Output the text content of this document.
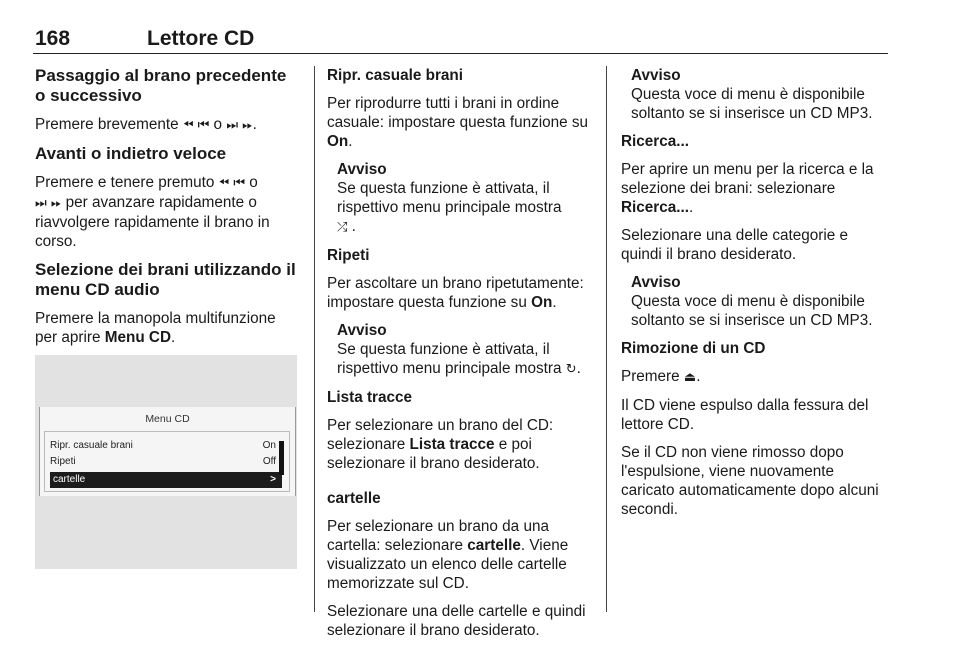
168	Lettore CD

Passaggio al brano precedente o successivo

Premere brevemente ⏪︎ ⏮︎ o ⏭︎ ⏩︎.

Avanti o indietro veloce

Premere e tenere premuto ⏪︎ ⏮︎ o
⏭︎ ⏩︎ per avanzare rapidamente o riavvolgere rapidamente il brano in corso.

Selezione dei brani utilizzando il menu CD audio

Premere la manopola multifunzione per aprire Menu CD.

Menu CD
Ripr. casuale brani	On
Ripeti	Off
cartelle	>

Ripr. casuale brani

Per riprodurre tutti i brani in ordine casuale: impostare questa funzione su On.

Avviso
Se questa funzione è attivata, il rispettivo menu principale mostra
⤮ .

Ripeti

Per ascoltare un brano ripetutamente: impostare questa funzione su On.

Avviso
Se questa funzione è attivata, il rispettivo menu principale mostra ↻.

Lista tracce

Per selezionare un brano del CD: selezionare Lista tracce e poi selezionare il brano desiderato.

cartelle

Per selezionare un brano da una cartella: selezionare cartelle. Viene visualizzato un elenco delle cartelle memorizzate sul CD.

Selezionare una delle cartelle e quindi selezionare il brano desiderato.

Avviso
Questa voce di menu è disponibile soltanto se si inserisce un CD MP3.

Ricerca...

Per aprire un menu per la ricerca e la selezione dei brani: selezionare Ricerca....

Selezionare una delle categorie e quindi il brano desiderato.

Avviso
Questa voce di menu è disponibile soltanto se si inserisce un CD MP3.

Rimozione di un CD

Premere ⏏.

Il CD viene espulso dalla fessura del lettore CD.

Se il CD non viene rimosso dopo l'espulsione, viene nuovamente caricato automaticamente dopo alcuni secondi.
